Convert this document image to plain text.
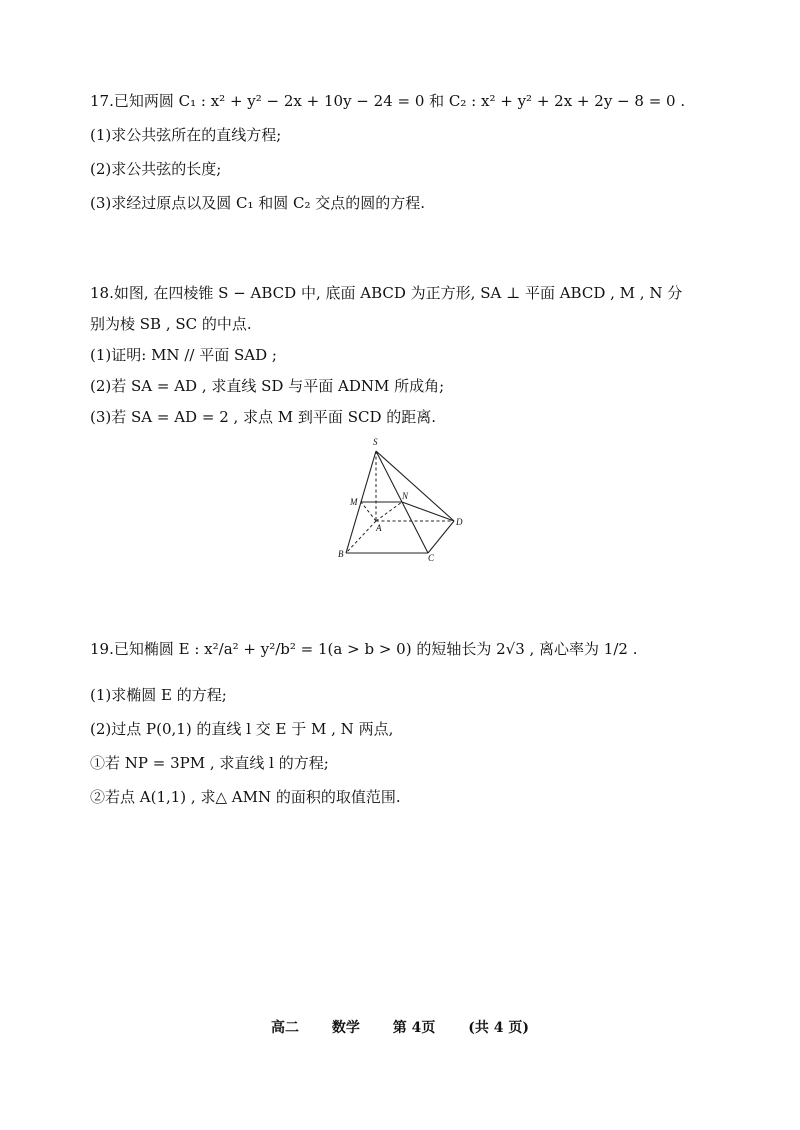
17.已知两圆 C₁ : x² + y² − 2x + 10y − 24 = 0 和 C₂ : x² + y² + 2x + 2y − 8 = 0 .
(1)求公共弦所在的直线方程;
(2)求公共弦的长度;
(3)求经过原点以及圆 C₁ 和圆 C₂ 交点的圆的方程.
18.如图, 在四棱锥 S − ABCD 中, 底面 ABCD 为正方形, SA ⊥ 平面 ABCD , M , N 分
别为棱 SB , SC 的中点.
(1)证明: MN // 平面 SAD ;
(2)若 SA = AD , 求直线 SD 与平面 ADNM 所成角;
(3)若 SA = AD = 2 , 求点 M 到平面 SCD 的距离.
S
M
N
A
B	C
D
19.已知椭圆 E : x²/a² + y²/b² = 1(a > b > 0) 的短轴长为 2√3 , 离心率为 1/2 .
(1)求椭圆 E 的方程;
(2)过点 P(0,1) 的直线 l 交 E 于 M , N 两点,
①若 NP = 3PM , 求直线 l 的方程;
②若点 A(1,1) , 求△ AMN 的面积的取值范围.
高二 数学 第 4页 (共 4 页)
